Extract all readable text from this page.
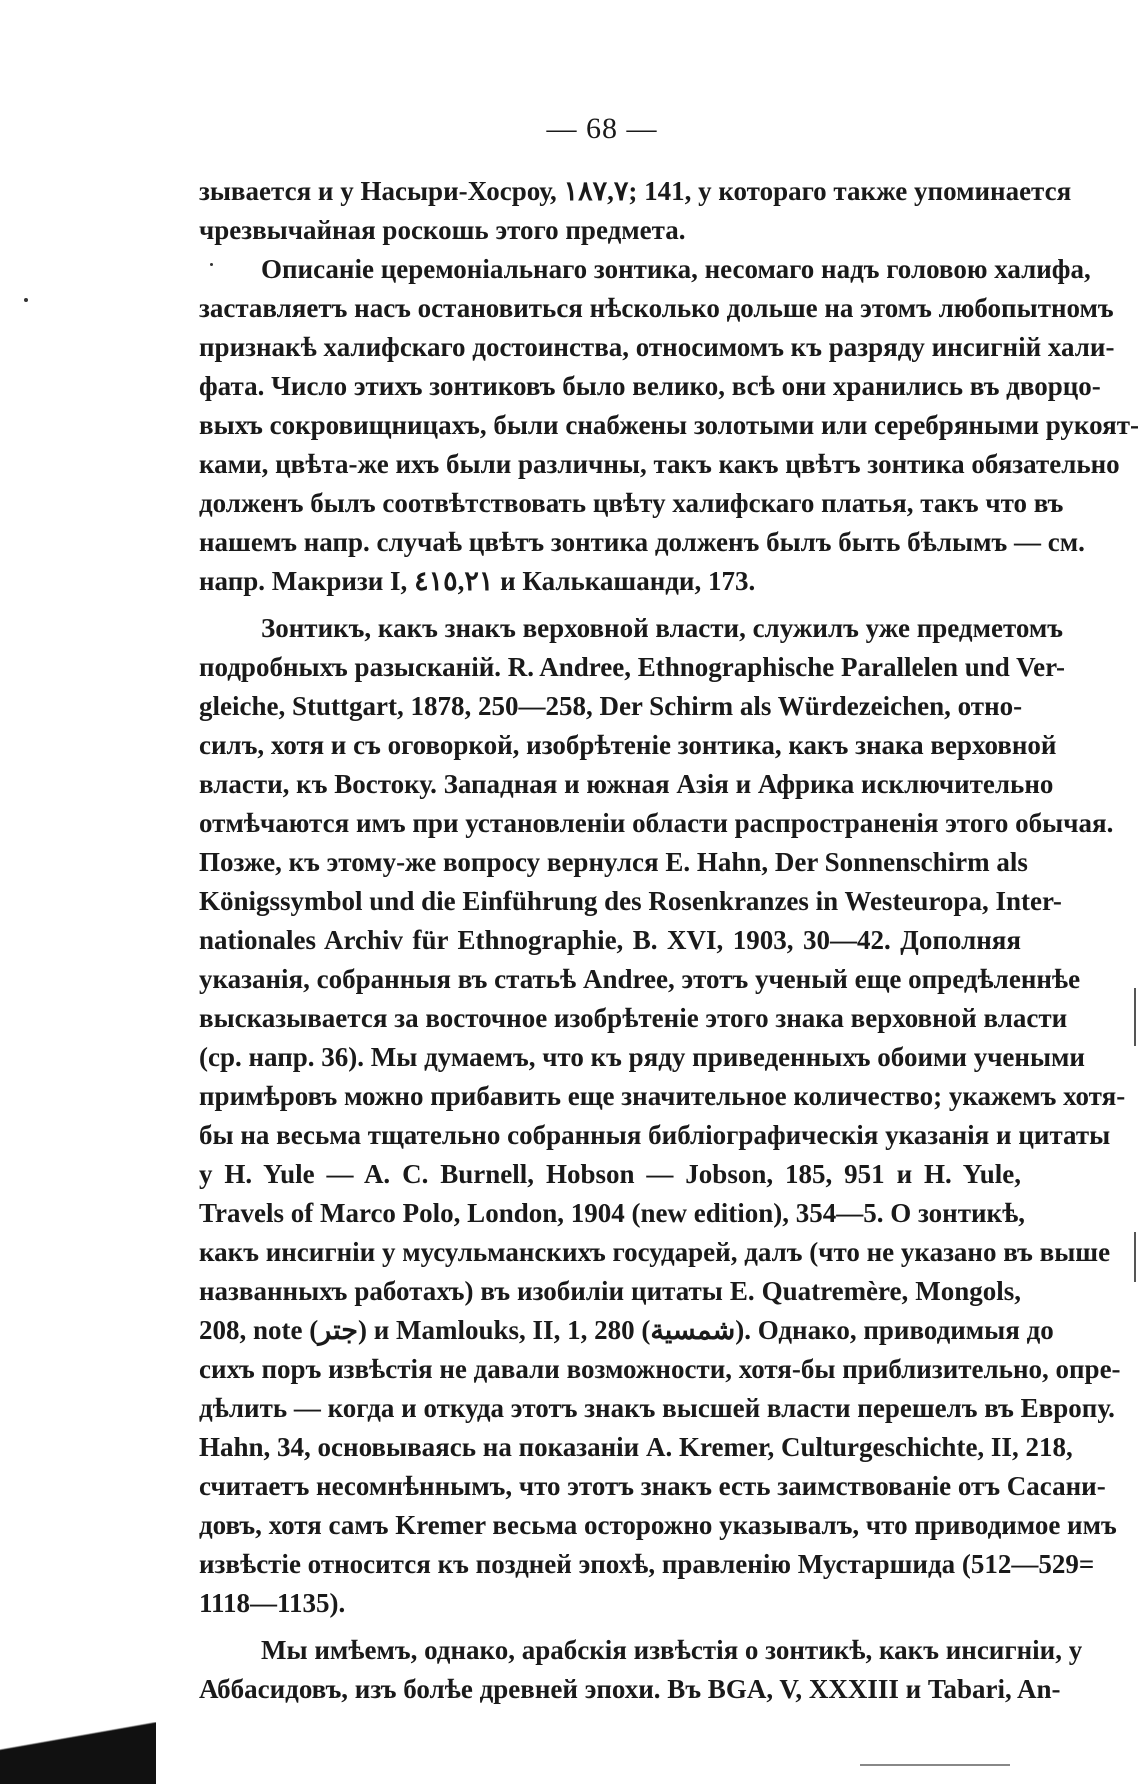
— 68 —
зывается и у Насыри-Хосроу, ١٨٧,٧; 141, у котораго также упоминается
чрезвычайная роскошь этого предмета.
Описаніе церемоніальнаго зонтика, несомаго надъ головою халифа,
заставляетъ насъ остановиться нѣсколько дольше на этомъ любопытномъ
признакѣ халифскаго достоинства, относимомъ къ разряду инсигній хали-
фата. Число этихъ зонтиковъ было велико, всѣ они хранились въ дворцо-
выхъ сокровищницахъ, были снабжены золотыми или серебряными рукоят-
ками, цвѣта-же ихъ были различны, такъ какъ цвѣтъ зонтика обязательно
долженъ былъ соотвѣтствовать цвѣту халифскаго платья, такъ что въ
нашемъ напр. случаѣ цвѣтъ зонтика долженъ былъ быть бѣлымъ — см.
напр. Макризи I, ٤١٥,٢١ и Калькашанди, 173.
Зонтикъ, какъ знакъ верховной власти, служилъ уже предметомъ
подробныхъ разысканій. R. Andree, Ethnographische Parallelen und Ver-
gleiche, Stuttgart, 1878, 250—258, Der Schirm als Würdezeichen, отно-
силъ, хотя и съ оговоркой, изобрѣтеніе зонтика, какъ знака верховной
власти, къ Востоку. Западная и южная Азія и Африка исключительно
отмѣчаются имъ при установленіи области распространенія этого обычая.
Позже, къ этому-же вопросу вернулся E. Hahn, Der Sonnenschirm als
Königssymbol und die Einführung des Rosenkranzes in Westeuropa, Inter-
nationales Archiv für Ethnographie, B. XVI, 1903, 30—42. Дополняя
указанія, собранныя въ статьѣ Andree, этотъ ученый еще опредѣленнѣе
высказывается за восточное изобрѣтеніе этого знака верховной власти
(ср. напр. 36). Мы думаемъ, что къ ряду приведенныхъ обоими учеными
примѣровъ можно прибавить еще значительное количество; укажемъ хотя-
бы на весьма тщательно собранныя библіографическія указанія и цитаты
у H. Yule — A. C. Burnell, Hobson — Jobson, 185, 951 и H. Yule,
Travels of Marco Polo, London, 1904 (new edition), 354—5. О зонтикѣ,
какъ инсигніи у мусульманскихъ государей, далъ (что не указано въ выше
названныхъ работахъ) въ изобиліи цитаты E. Quatremère, Mongols,
208, note (جتر) и Mamlouks, II, 1, 280 (شمسية). Однако, приводимыя до
сихъ поръ извѣстія не давали возможности, хотя-бы приблизительно, опре-
дѣлить — когда и откуда этотъ знакъ высшей власти перешелъ въ Европу.
Hahn, 34, основываясь на показаніи A. Kremer, Culturgeschichte, II, 218,
считаетъ несомнѣннымъ, что этотъ знакъ есть заимствованіе отъ Сасани-
довъ, хотя самъ Kremer весьма осторожно указывалъ, что приводимое имъ
извѣстіе относится къ поздней эпохѣ, правленію Мустаршида (512—529=
1118—1135).
Мы имѣемъ, однако, арабскія извѣстія о зонтикѣ, какъ инсигніи, у
Аббасидовъ, изъ болѣе древней эпохи. Въ BGA, V, XXXIII и Tabari, An-
